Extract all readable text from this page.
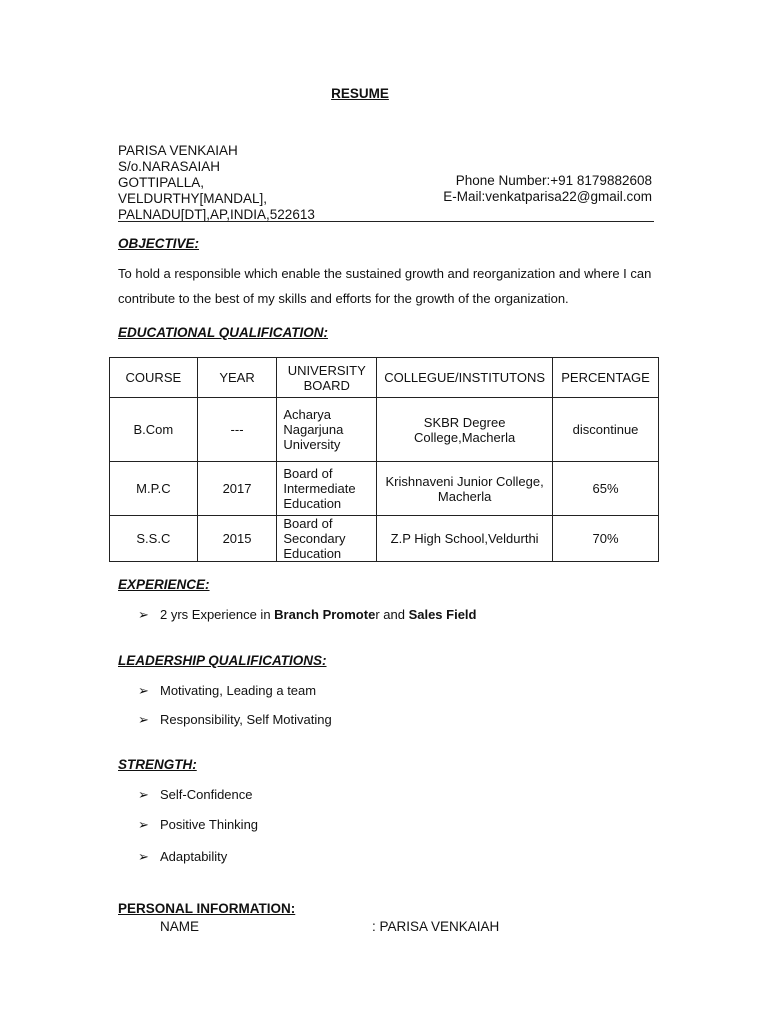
RESUME
PARISA VENKAIAH
S/o.NARASAIAH
GOTTIPALLA,
VELDURTHY[MANDAL],
PALNADU[DT],AP,INDIA,522613
Phone Number:+91 8179882608
E-Mail:venkatparisa22@gmail.com
OBJECTIVE:
To hold a responsible which enable the sustained growth and reorganization and where I can contribute to the best of my skills and efforts for the growth of the organization.
EDUCATIONAL QUALIFICATION:
COURSE	YEAR	UNIVERSITY BOARD	COLLEGUE/INSTITUTONS	PERCENTAGE
B.Com	---	Acharya Nagarjuna University	SKBR Degree College,Macherla	discontinue
M.P.C	2017	Board of Intermediate Education	Krishnaveni Junior College, Macherla	65%
S.S.C	2015	Board of Secondary Education	Z.P High School,Veldurthi	70%
EXPERIENCE:
➢ 2 yrs Experience in Branch Promoter and Sales Field
LEADERSHIP QUALIFICATIONS:
➢ Motivating, Leading a team
➢ Responsibility, Self Motivating
STRENGTH:
➢ Self-Confidence
➢ Positive Thinking
➢ Adaptability
PERSONAL INFORMATION:
NAME	: PARISA VENKAIAH
